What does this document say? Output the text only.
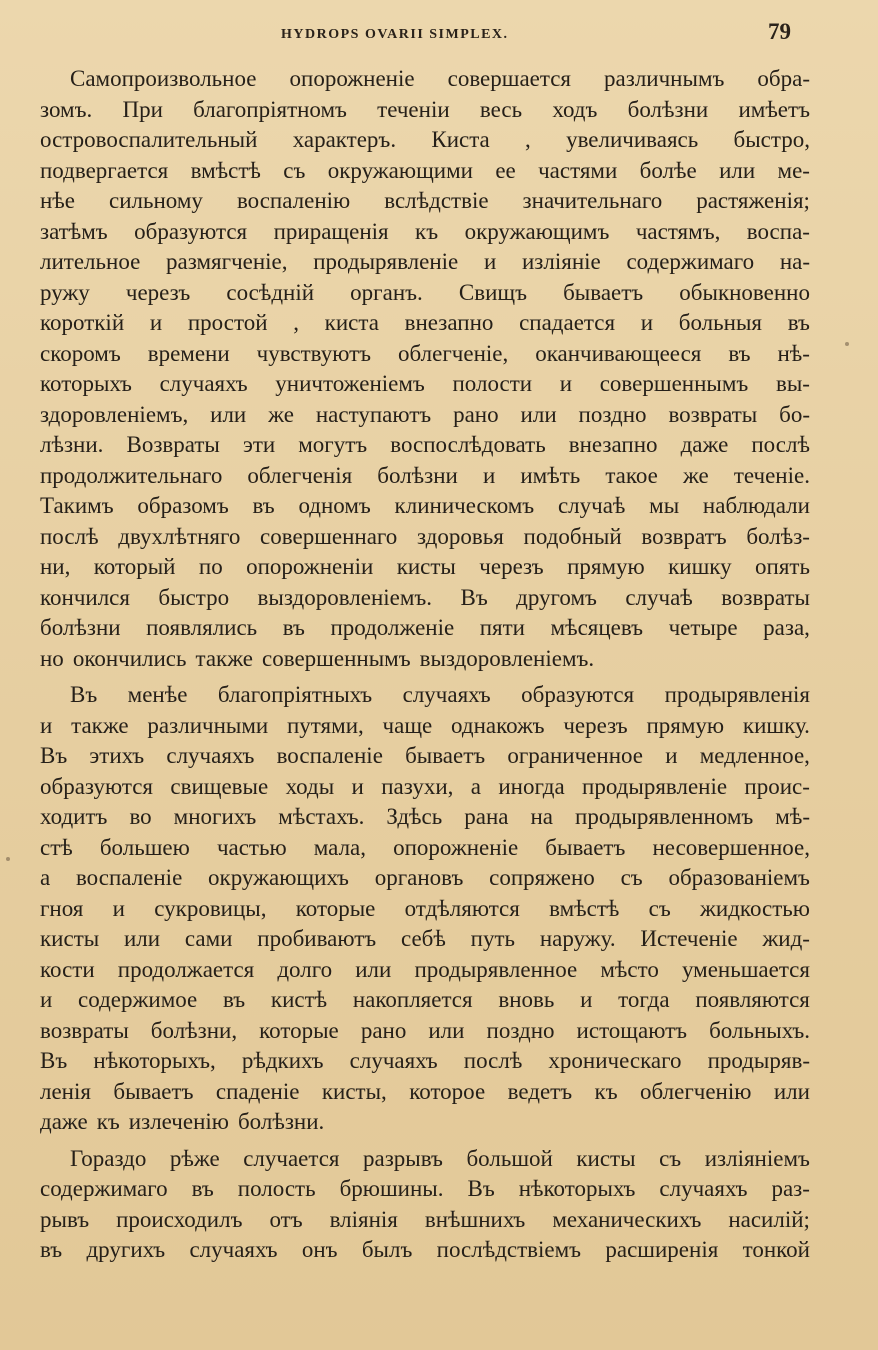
HYDROPS OVARII SIMPLEX.	79
Самопроизвольное опорожненіе совершается различнымъ обра-
зомъ. При благопріятномъ теченіи весь ходъ болѣзни имѣетъ
островоспалительный характеръ. Киста , увеличиваясь быстро,
подвергается вмѣстѣ съ окружающими ее частями болѣе или ме-
нѣе сильному воспаленію вслѣдствіе значительнаго растяженія;
затѣмъ образуются приращенія къ окружающимъ частямъ, воспа-
лительное размягченіе, продырявленіе и изліяніе содержимаго на-
ружу черезъ сосѣдній органъ. Свищъ бываетъ обыкновенно
короткій и простой , киста внезапно спадается и больныя въ
скоромъ времени чувствуютъ облегченіе, оканчивающееся въ нѣ-
которыхъ случаяхъ уничтоженіемъ полости и совершеннымъ вы-
здоровленіемъ, или же наступаютъ рано или поздно возвраты бо-
лѣзни. Возвраты эти могутъ воспослѣдовать внезапно даже послѣ
продолжительнаго облегченія болѣзни и имѣть такое же теченіе.
Такимъ образомъ въ одномъ клиническомъ случаѣ мы наблюдали
послѣ двухлѣтняго совершеннаго здоровья подобный возвратъ болѣз-
ни, который по опорожненіи кисты черезъ прямую кишку опять
кончился быстро выздоровленіемъ. Въ другомъ случаѣ возвраты
болѣзни появлялись въ продолженіе пяти мѣсяцевъ четыре раза,
но окончились также совершеннымъ выздоровленіемъ.
Въ менѣе благопріятныхъ случаяхъ образуются продырявленія
и также различными путями, чаще однакожъ черезъ прямую кишку.
Въ этихъ случаяхъ воспаленіе бываетъ ограниченное и медленное,
образуются свищевые ходы и пазухи, а иногда продырявленіе проис-
ходитъ во многихъ мѣстахъ. Здѣсь рана на продырявленномъ мѣ-
стѣ большею частью мала, опорожненіе бываетъ несовершенное,
а воспаленіе окружающихъ органовъ сопряжено съ образованіемъ
гноя и сукровицы, которые отдѣляются вмѣстѣ съ жидкостью
кисты или сами пробиваютъ себѣ путь наружу. Истеченіе жид-
кости продолжается долго или продырявленное мѣсто уменьшается
и содержимое въ кистѣ накопляется вновь и тогда появляются
возвраты болѣзни, которые рано или поздно истощаютъ больныхъ.
Въ нѣкоторыхъ, рѣдкихъ случаяхъ послѣ хроническаго продыряв-
ленія бываетъ спаденіе кисты, которое ведетъ къ облегченію или
даже къ излеченію болѣзни.
Гораздо рѣже случается разрывъ большой кисты съ изліяніемъ
содержимаго въ полость брюшины. Въ нѣкоторыхъ случаяхъ раз-
рывъ происходилъ отъ вліянія внѣшнихъ механическихъ насилій;
въ другихъ случаяхъ онъ былъ послѣдствіемъ расширенія тонкой
